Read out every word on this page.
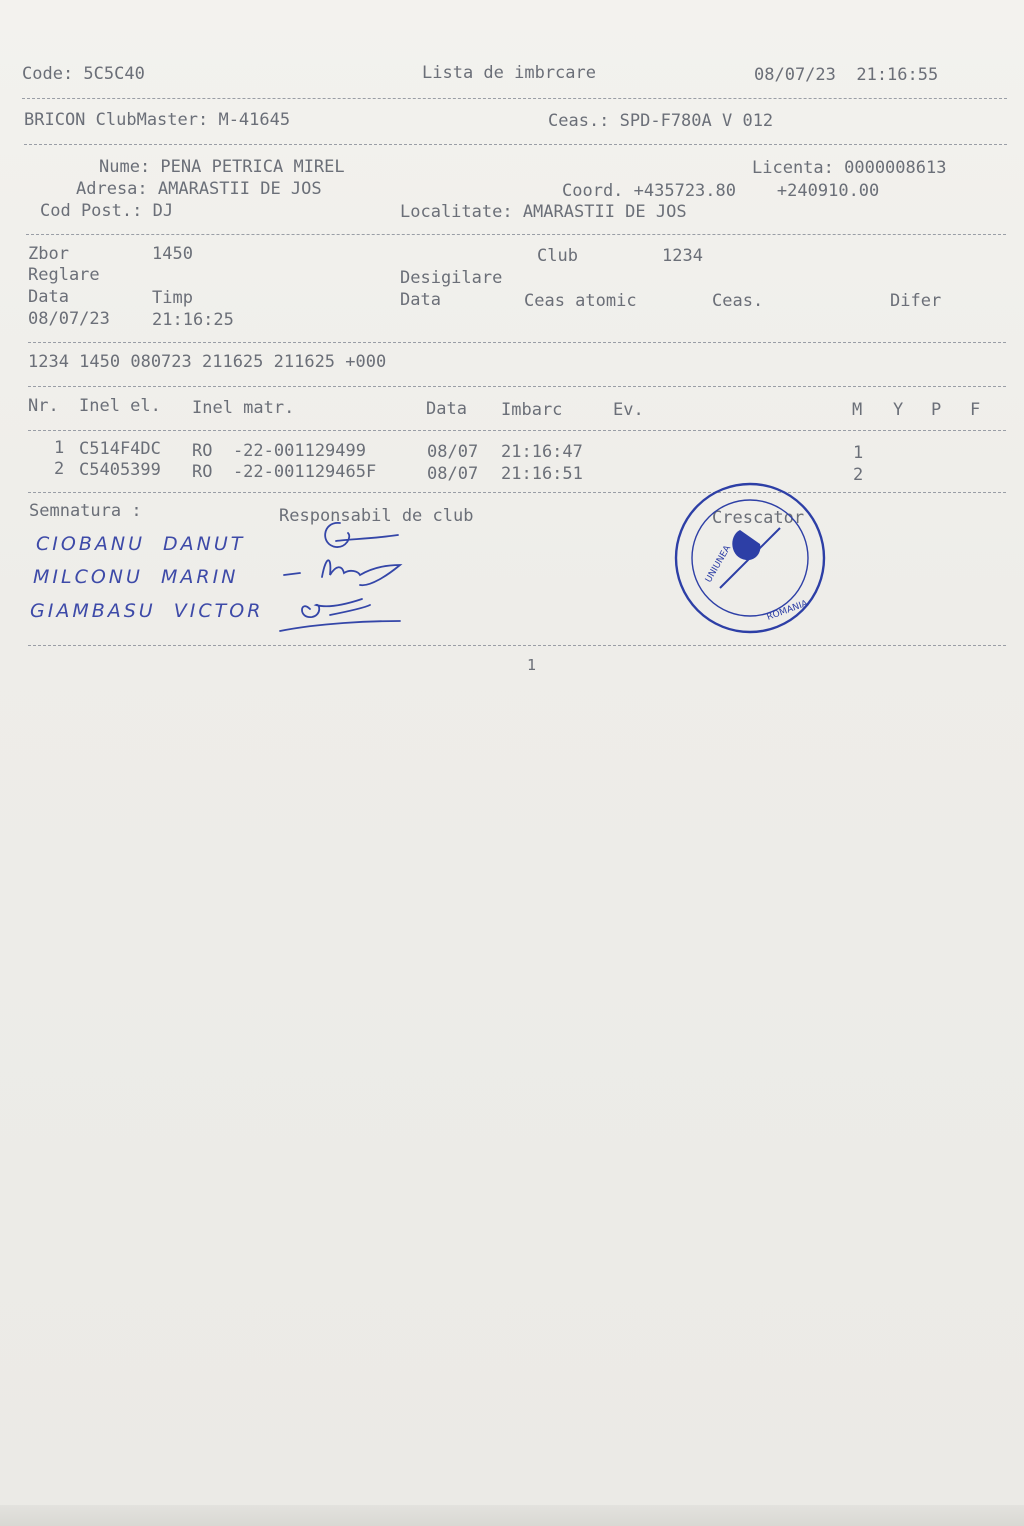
Code: 5C5C40	Lista de imbrcare	08/07/23  21:16:55
BRICON ClubMaster: M-41645	Ceas.: SPD-F780A V 012
Nume: PENA PETRICA MIREL	Licenta: 0000008613
Adresa: AMARASTII DE JOS	Coord. +435723.80    +240910.00
Cod Post.: DJ	Localitate: AMARASTII DE JOS
Zbor	1450	Club	1234
Reglare	Desigilare
Data	Timp	Data	Ceas atomic	Ceas.	Difer
08/07/23 21:16:25
1234 1450 080723 211625 211625 +000
Nr. Inel el. Inel matr.	Data Imbarc	Ev.	M Y P F
1 C514F4DC RO  -22-001129499	08/07 21:16:47	1
2 C5405399 RO  -22-001129465F	08/07 21:16:51	2
Semnatura :	Responsabil de club	Crescator
CIOBANU  DANUT
MILCONU  MARIN
GIAMBASU  VICTOR
UNIUNEA
ROMANIA
1
